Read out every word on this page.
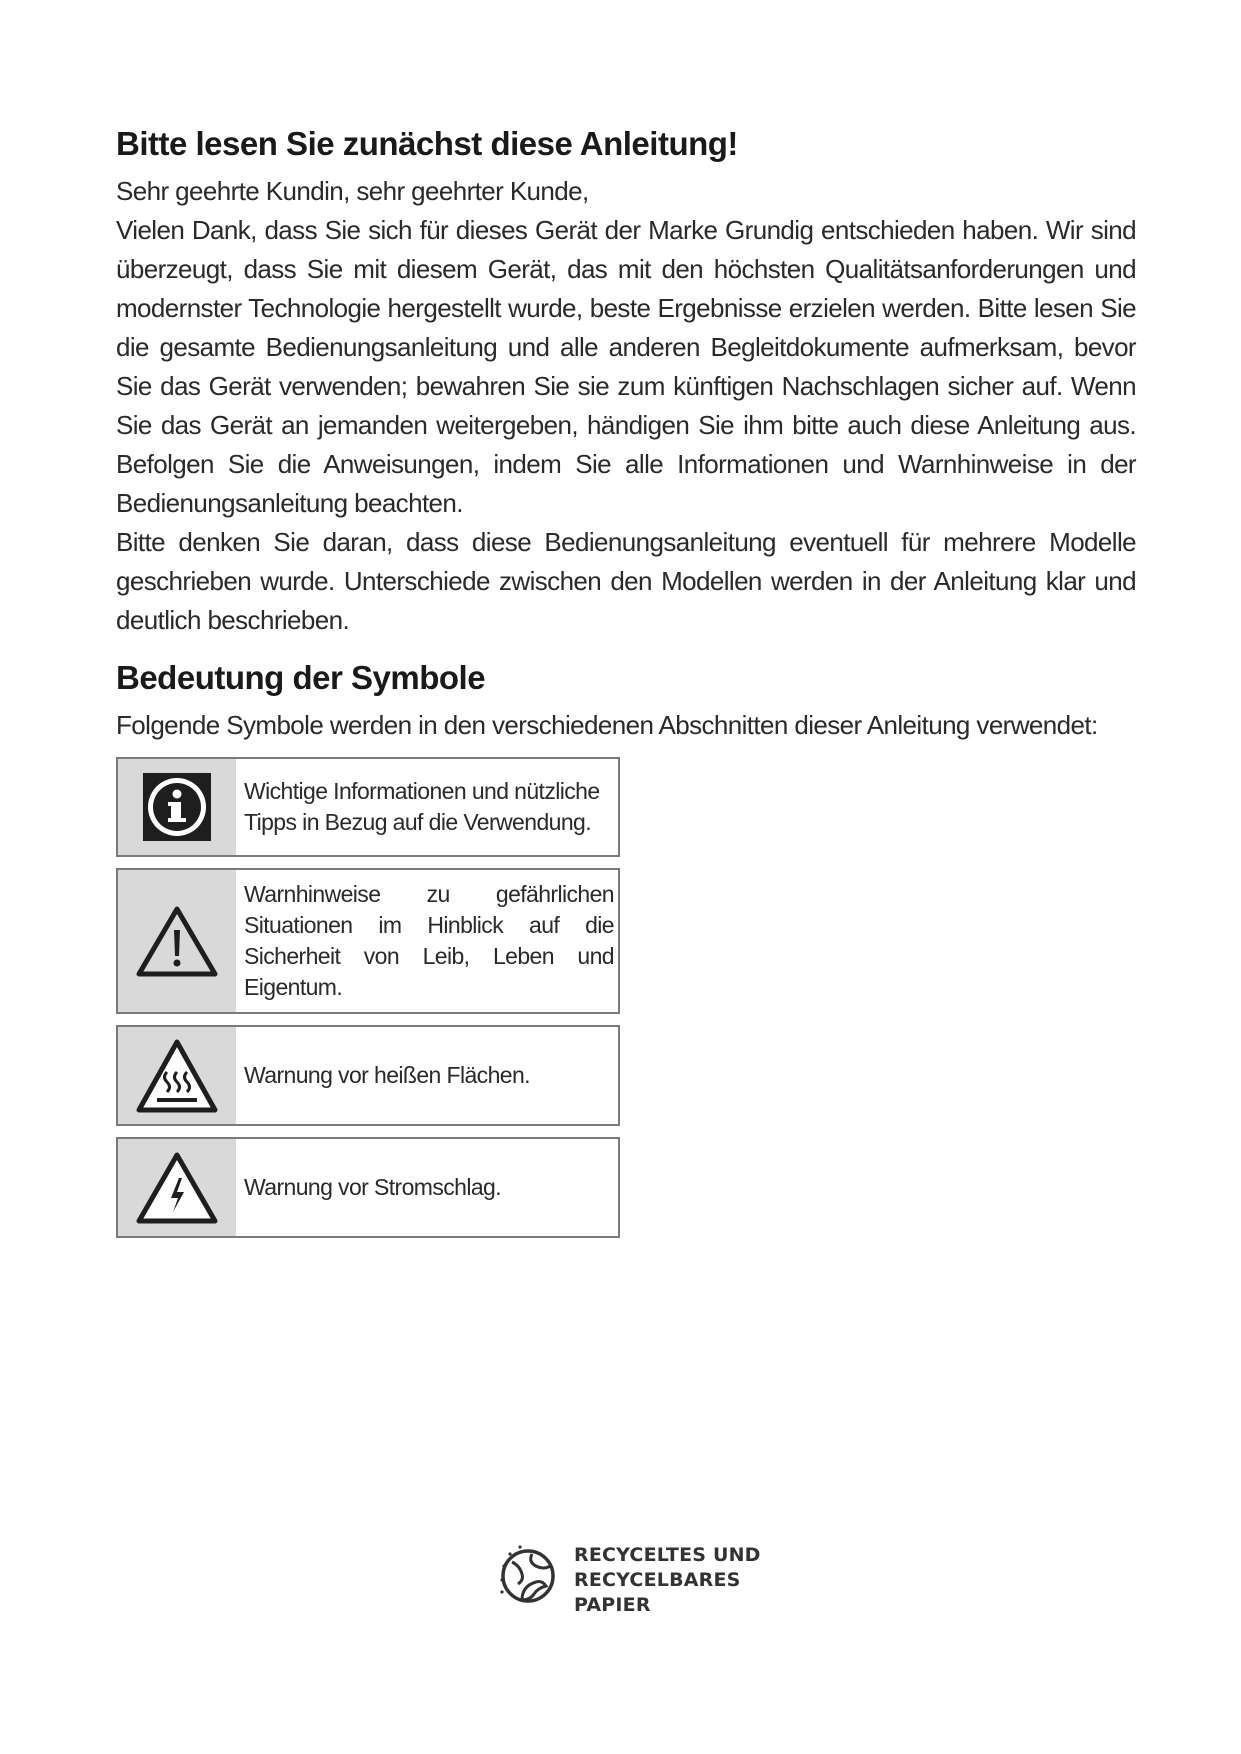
Bitte lesen Sie zunächst diese Anleitung!

Sehr geehrte Kundin, sehr geehrter Kunde,

Vielen Dank, dass Sie sich für dieses Gerät der Marke Grundig entschieden haben. Wir sind überzeugt, dass Sie mit diesem Gerät, das mit den höchsten Qualitätsanforderungen und modernster Technologie hergestellt wurde, beste Ergebnisse erzielen werden. Bitte lesen Sie die gesamte Bedienungsanleitung und alle anderen Begleitdokumente aufmerksam, bevor Sie das Gerät verwenden; bewahren Sie sie zum künftigen Nachschlagen sicher auf. Wenn Sie das Gerät an jemanden weitergeben, händigen Sie ihm bitte auch diese Anleitung aus. Befolgen Sie die Anweisungen, indem Sie alle Informationen und Warnhinweise in der Bedienungsanleitung beachten.

Bitte denken Sie daran, dass diese Bedienungsanleitung eventuell für mehrere Modelle geschrieben wurde. Unterschiede zwischen den Modellen werden in der Anleitung klar und deutlich beschrieben.

Bedeutung der Symbole

Folgende Symbole werden in den verschiedenen Abschnitten dieser Anleitung verwendet:

Wichtige Informationen und nützliche Tipps in Bezug auf die Verwendung.
Warnhinweise zu gefährlichen Situationen im Hinblick auf die Sicherheit von Leib, Leben und Eigentum.
Warnung vor heißen Flächen.
Warnung vor Stromschlag.
RECYCELTES UND
RECYCELBARES
PAPIER
